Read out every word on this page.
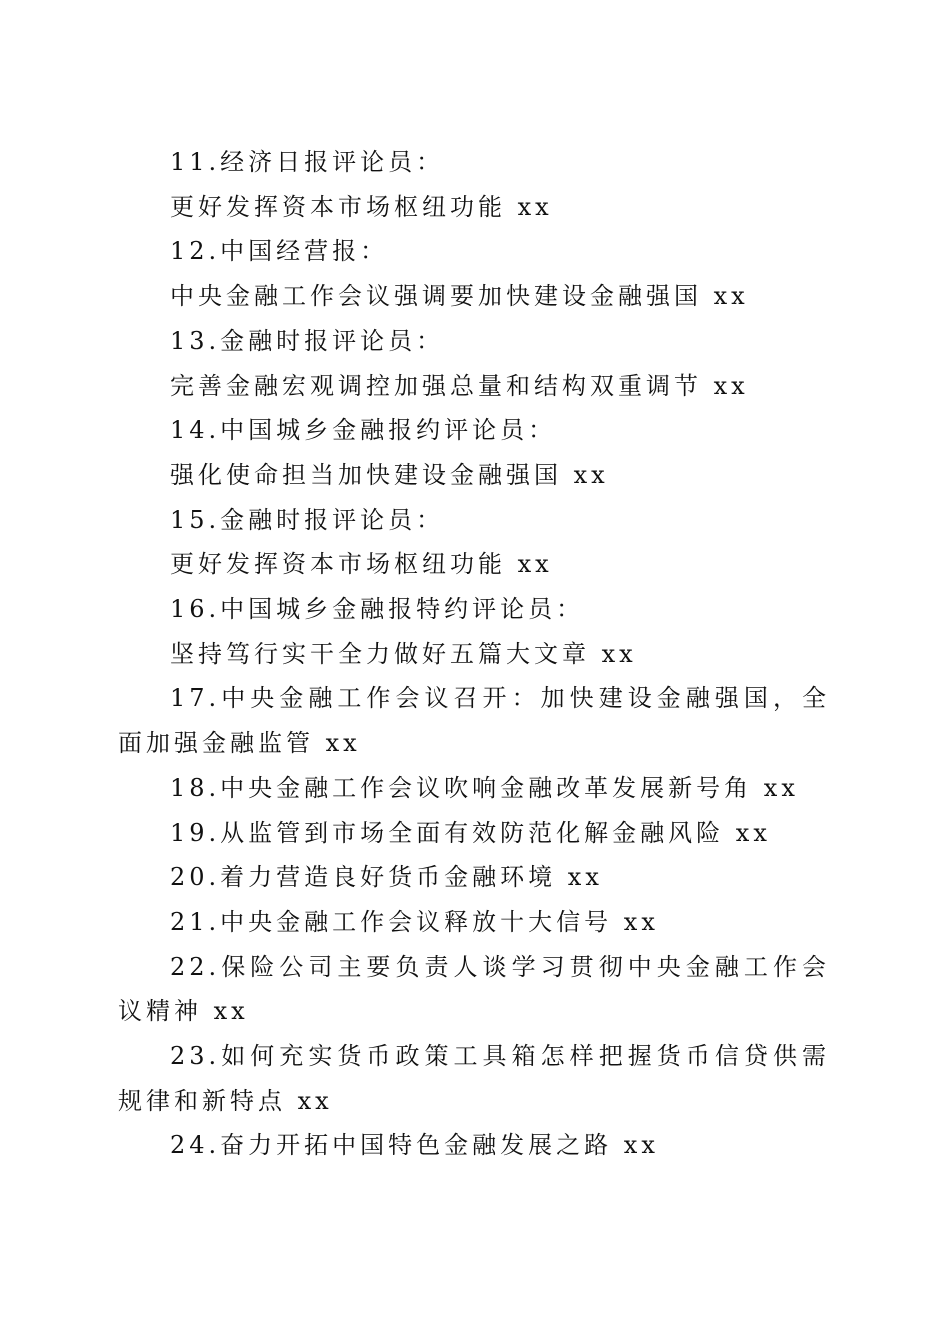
11.经济日报评论员：

更好发挥资本市场枢纽功能 xx

12.中国经营报：

中央金融工作会议强调要加快建设金融强国 xx

13.金融时报评论员：

完善金融宏观调控加强总量和结构双重调节 xx

14.中国城乡金融报约评论员：

强化使命担当加快建设金融强国 xx

15.金融时报评论员：

更好发挥资本市场枢纽功能 xx

16.中国城乡金融报特约评论员：

坚持笃行实干全力做好五篇大文章 xx

17.中央金融工作会议召开：加快建设金融强国，全面加强金融监管 xx

18.中央金融工作会议吹响金融改革发展新号角 xx

19.从监管到市场全面有效防范化解金融风险 xx

20.着力营造良好货币金融环境 xx

21.中央金融工作会议释放十大信号 xx

22.保险公司主要负责人谈学习贯彻中央金融工作会议精神 xx

23.如何充实货币政策工具箱怎样把握货币信贷供需规律和新特点 xx

24.奋力开拓中国特色金融发展之路 xx
